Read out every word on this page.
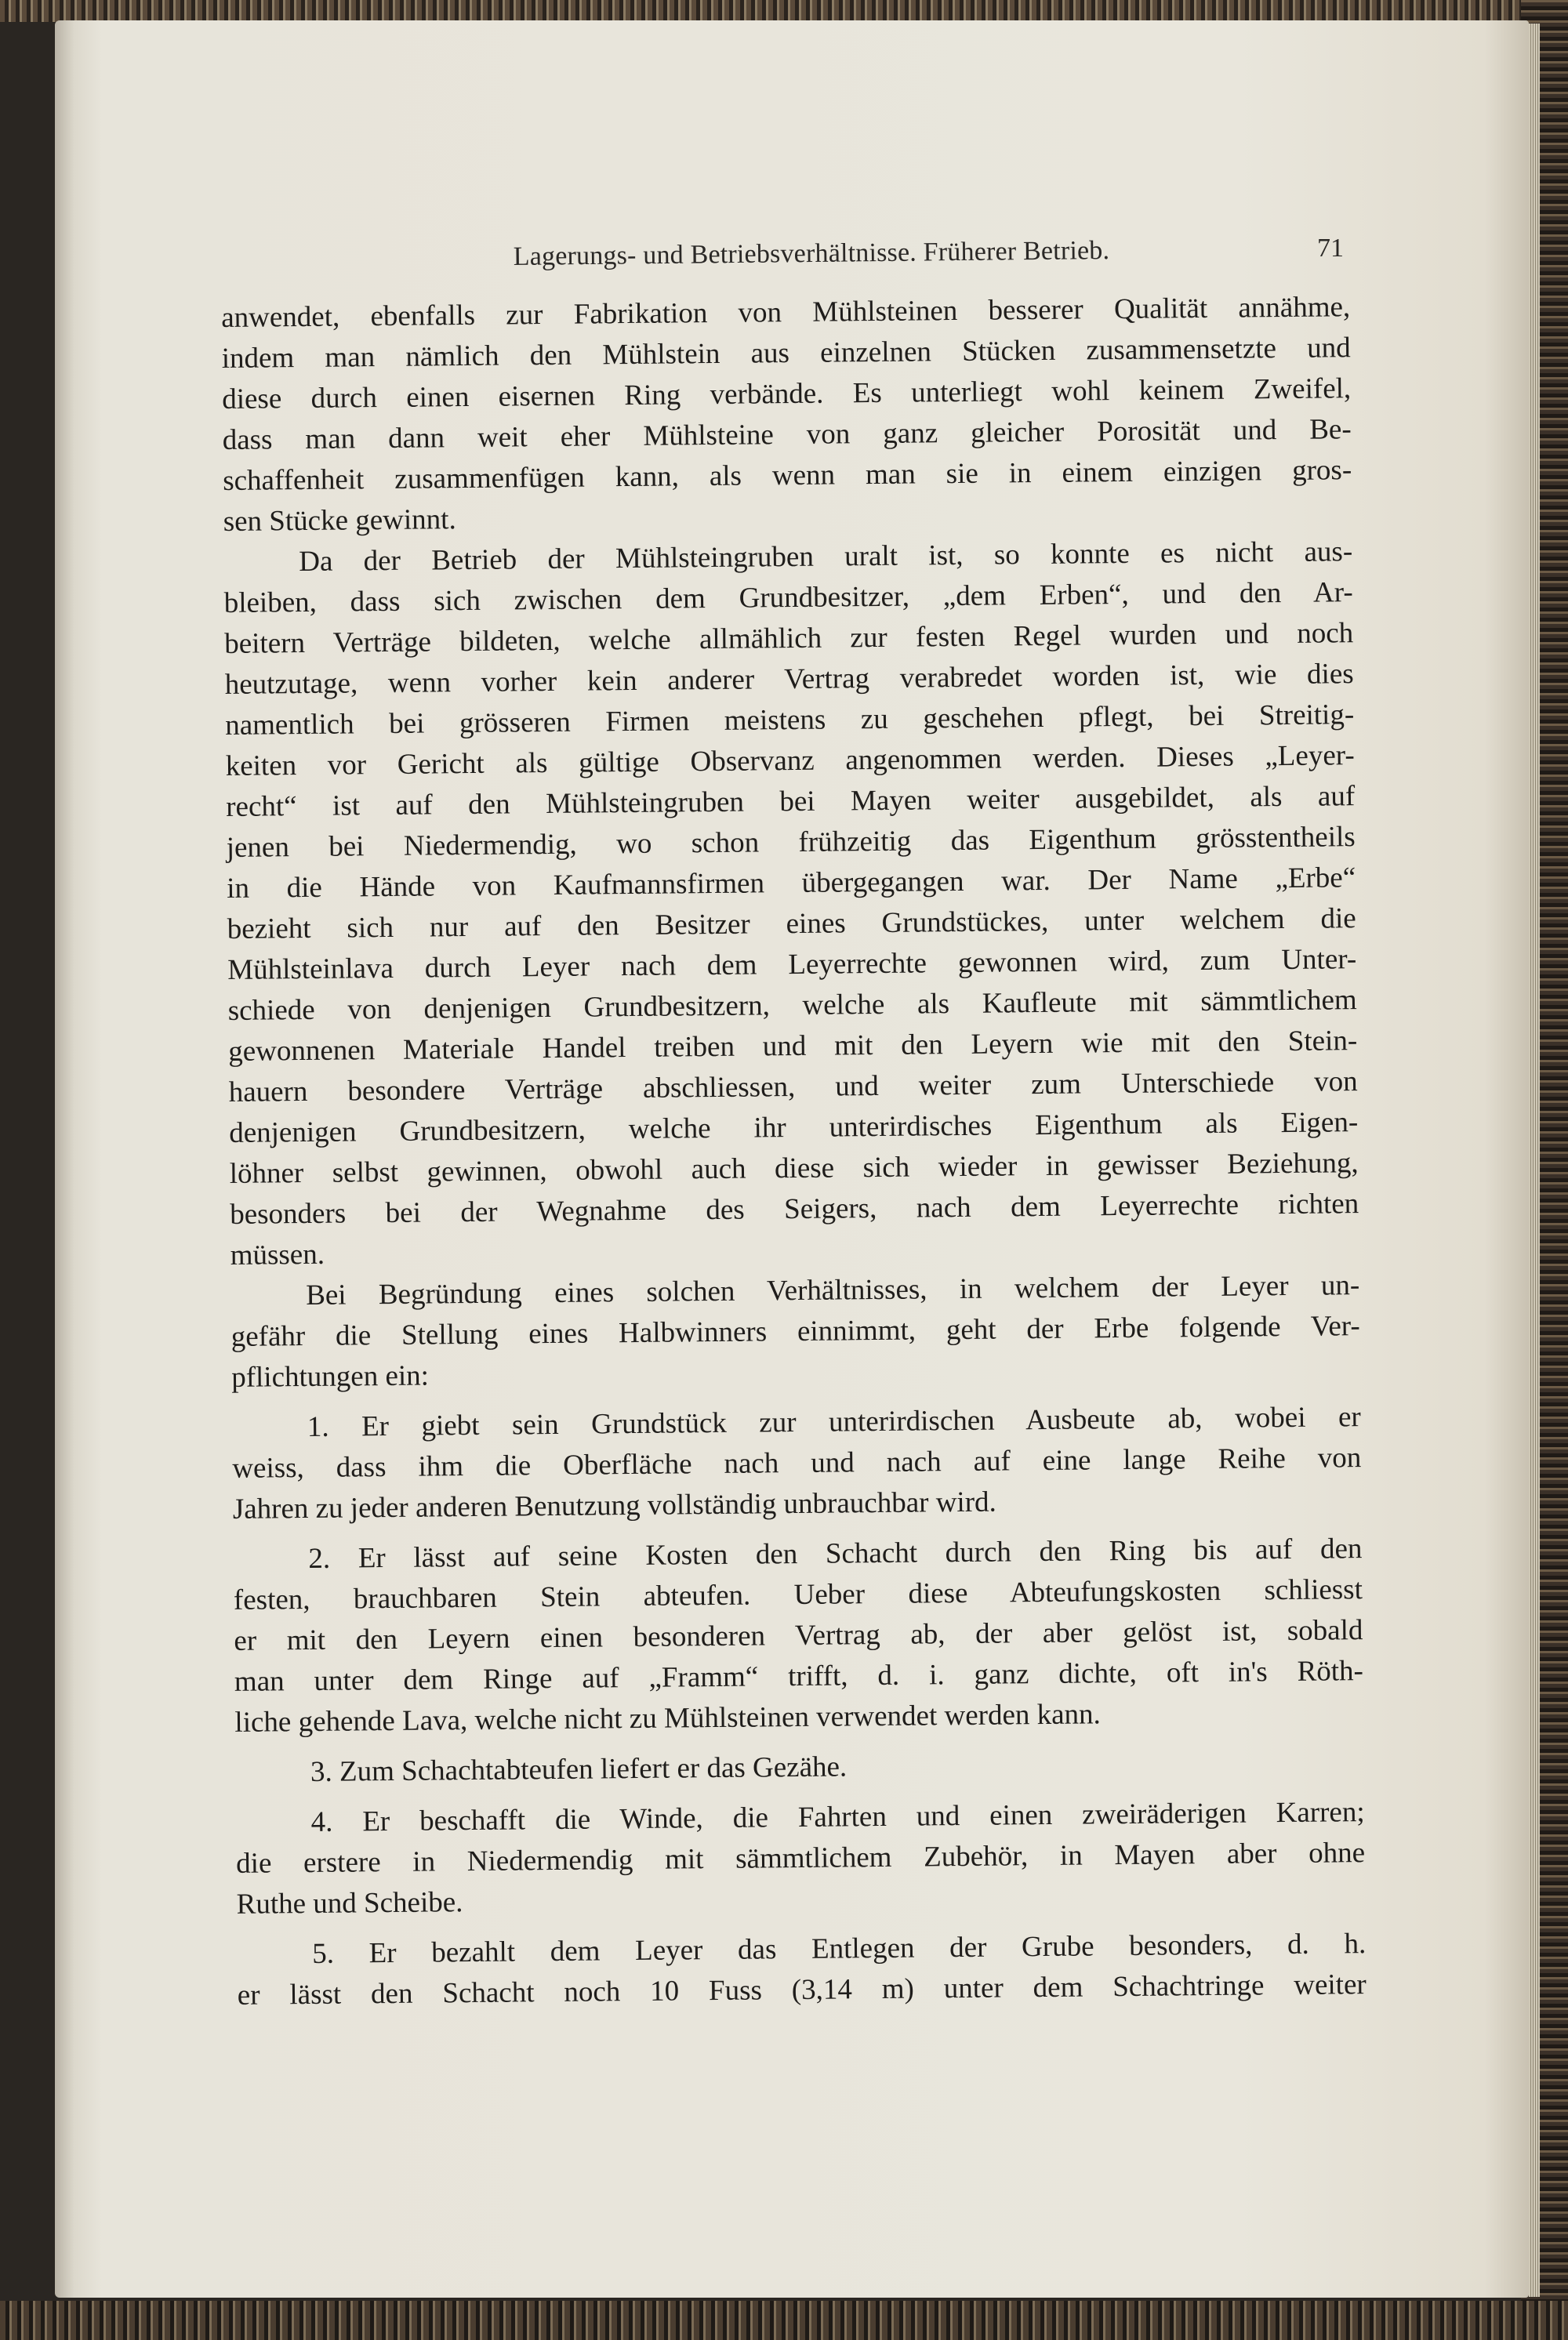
Lagerungs- und Betriebsverhältnisse. Früherer Betrieb.	71
anwendet, ebenfalls zur Fabrikation von Mühlsteinen besserer Qualität annähme,
indem man nämlich den Mühlstein aus einzelnen Stücken zusammensetzte und
diese durch einen eisernen Ring verbände. Es unterliegt wohl keinem Zweifel,
dass man dann weit eher Mühlsteine von ganz gleicher Porosität und Be-
schaffenheit zusammenfügen kann, als wenn man sie in einem einzigen gros-
sen Stücke gewinnt.
Da der Betrieb der Mühlsteingruben uralt ist, so konnte es nicht aus-
bleiben, dass sich zwischen dem Grundbesitzer, „dem Erben“, und den Ar-
beitern Verträge bildeten, welche allmählich zur festen Regel wurden und noch
heutzutage, wenn vorher kein anderer Vertrag verabredet worden ist, wie dies
namentlich bei grösseren Firmen meistens zu geschehen pflegt, bei Streitig-
keiten vor Gericht als gültige Observanz angenommen werden. Dieses „Leyer-
recht“ ist auf den Mühlsteingruben bei Mayen weiter ausgebildet, als auf
jenen bei Niedermendig, wo schon frühzeitig das Eigenthum grösstentheils
in die Hände von Kaufmannsfirmen übergegangen war. Der Name „Erbe“
bezieht sich nur auf den Besitzer eines Grundstückes, unter welchem die
Mühlsteinlava durch Leyer nach dem Leyerrechte gewonnen wird, zum Unter-
schiede von denjenigen Grundbesitzern, welche als Kaufleute mit sämmtlichem
gewonnenen Materiale Handel treiben und mit den Leyern wie mit den Stein-
hauern besondere Verträge abschliessen, und weiter zum Unterschiede von
denjenigen Grundbesitzern, welche ihr unterirdisches Eigenthum als Eigen-
löhner selbst gewinnen, obwohl auch diese sich wieder in gewisser Beziehung,
besonders bei der Wegnahme des Seigers, nach dem Leyerrechte richten
müssen.
Bei Begründung eines solchen Verhältnisses, in welchem der Leyer un-
gefähr die Stellung eines Halbwinners einnimmt, geht der Erbe folgende Ver-
pflichtungen ein:
1. Er giebt sein Grundstück zur unterirdischen Ausbeute ab, wobei er
weiss, dass ihm die Oberfläche nach und nach auf eine lange Reihe von
Jahren zu jeder anderen Benutzung vollständig unbrauchbar wird.
2. Er lässt auf seine Kosten den Schacht durch den Ring bis auf den
festen, brauchbaren Stein abteufen. Ueber diese Abteufungskosten schliesst
er mit den Leyern einen besonderen Vertrag ab, der aber gelöst ist, sobald
man unter dem Ringe auf „Framm“ trifft, d. i. ganz dichte, oft in's Röth-
liche gehende Lava, welche nicht zu Mühlsteinen verwendet werden kann.
3. Zum Schachtabteufen liefert er das Gezähe.
4. Er beschafft die Winde, die Fahrten und einen zweiräderigen Karren;
die erstere in Niedermendig mit sämmtlichem Zubehör, in Mayen aber ohne
Ruthe und Scheibe.
5. Er bezahlt dem Leyer das Entlegen der Grube besonders, d. h.
er lässt den Schacht noch 10 Fuss (3,14 m) unter dem Schachtringe weiter
